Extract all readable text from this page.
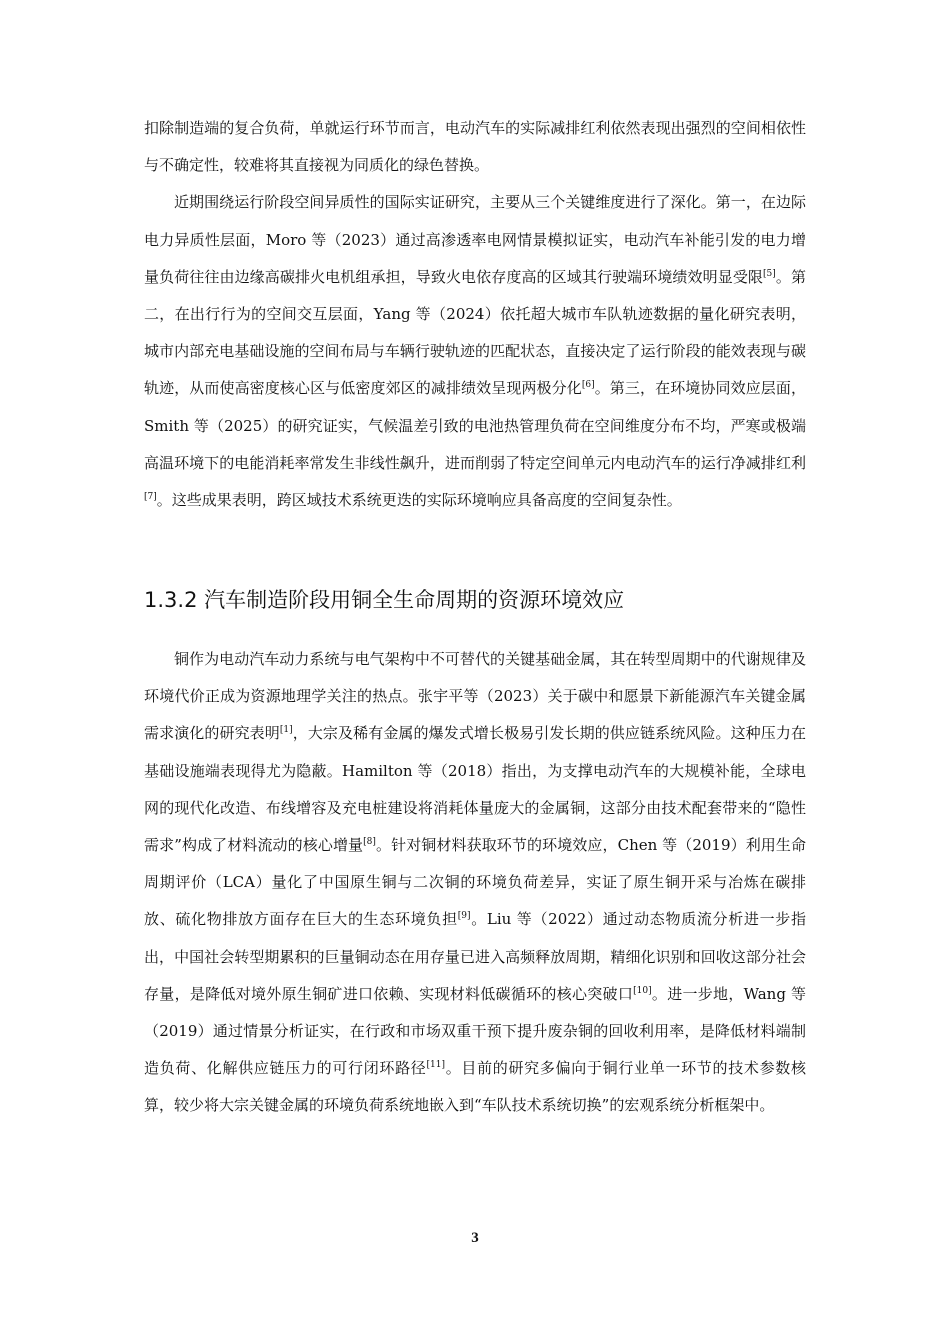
扣除制造端的复合负荷，单就运行环节而言，电动汽车的实际减排红利依然表现出强烈的空间相依性与不确定性，较难将其直接视为同质化的绿色替换。

近期围绕运行阶段空间异质性的国际实证研究，主要从三个关键维度进行了深化。第一，在边际电力异质性层面，Moro 等（2023）通过高渗透率电网情景模拟证实，电动汽车补能引发的电力增量负荷往往由边缘高碳排火电机组承担，导致火电依存度高的区域其行驶端环境绩效明显受限[5]。第二，在出行行为的空间交互层面，Yang 等（2024）依托超大城市车队轨迹数据的量化研究表明，城市内部充电基础设施的空间布局与车辆行驶轨迹的匹配状态，直接决定了运行阶段的能效表现与碳轨迹，从而使高密度核心区与低密度郊区的减排绩效呈现两极分化[6]。第三，在环境协同效应层面，Smith 等（2025）的研究证实，气候温差引致的电池热管理负荷在空间维度分布不均，严寒或极端高温环境下的电能消耗率常发生非线性飙升，进而削弱了特定空间单元内电动汽车的运行净减排红利[7]。这些成果表明，跨区域技术系统更迭的实际环境响应具备高度的空间复杂性。

1.3.2 汽车制造阶段用铜全生命周期的资源环境效应

铜作为电动汽车动力系统与电气架构中不可替代的关键基础金属，其在转型周期中的代谢规律及环境代价正成为资源地理学关注的热点。张宇平等（2023）关于碳中和愿景下新能源汽车关键金属需求演化的研究表明[1]，大宗及稀有金属的爆发式增长极易引发长期的供应链系统风险。这种压力在基础设施端表现得尤为隐蔽。Hamilton 等（2018）指出，为支撑电动汽车的大规模补能，全球电网的现代化改造、布线增容及充电桩建设将消耗体量庞大的金属铜，这部分由技术配套带来的“隐性需求”构成了材料流动的核心增量[8]。针对铜材料获取环节的环境效应，Chen 等（2019）利用生命周期评价（LCA）量化了中国原生铜与二次铜的环境负荷差异，实证了原生铜开采与冶炼在碳排放、硫化物排放方面存在巨大的生态环境负担[9]。Liu 等（2022）通过动态物质流分析进一步指出，中国社会转型期累积的巨量铜动态在用存量已进入高频释放周期，精细化识别和回收这部分社会存量，是降低对境外原生铜矿进口依赖、实现材料低碳循环的核心突破口[10]。进一步地，Wang 等（2019）通过情景分析证实，在行政和市场双重干预下提升废杂铜的回收利用率，是降低材料端制造负荷、化解供应链压力的可行闭环路径[11]。目前的研究多偏向于铜行业单一环节的技术参数核算，较少将大宗关键金属的环境负荷系统地嵌入到“车队技术系统切换”的宏观系统分析框架中。

3
